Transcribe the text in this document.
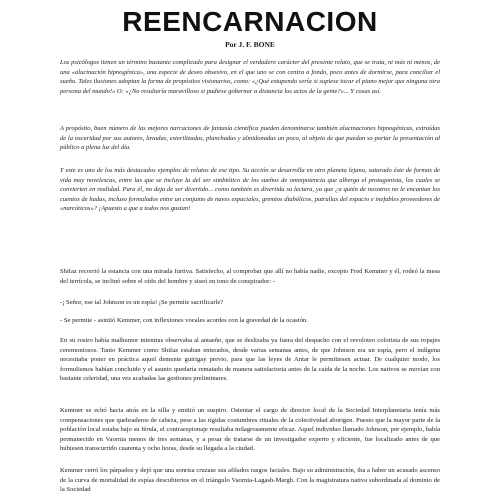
REENCARNACION
Por J. F. BONE

Los psicólogos tienen un término bastante complicado para designar el verdadero carácter del presente relato, que se trata, ni más ni menos, de una «alucinación hipnogénica», una especie de deseo obsesivo, en el que uno se con centra a fondo, poco antes de dormirse, para conciliar el sueño. Tales ilusiones adoptan la forma de propósitos visionarios, como: «¿Qué estupendo sería si supiese tocar el piano mejor que ninguna otra persona del mundo!» O: «¿No resultaría maravilloso si pudiese gobernar a distancia los actos de la gente?»... Y cosas así.

A propósito, buen número de las mejores narraciones de fantasía científica pueden denominarse también alucinaciones hipnogénicas, extraídas de la oscuridad por sus autores, lavadas, esterilizadas, planchadas y almidonadas un poco, al objeto de que puedan so portar la presentación al público a plena luz del día.

Y este es uno de los más destacados ejemplos de relatos de ese tipo. Su acción se desarrolla en otro planeta lejano, saturado éste de formas de vida muy novelescas, entre las que se incluye la del ser simbiótico de los sueños de omnipotencia que alberga el protagonista, los cuales se convierten en realidad. Para él, no deja de ser divertido... como también es divertida su lectura, ya que ¿a quién de nosotros no le encantan los cuentos de hadas, incluso formulados entre un conjunto de naves espaciales, gremios diabólicos, patrullas del espacio e inefables proveedores de «narcóticos»? ¡Apuesto a que a todos nos gustan!

Shifaz recorrió la estancia con una mirada furtiva. Satisfecho, al comprobar que allí no había nadie, excepto Fred Kemmer y él, rodeó la mesa del terrícola, se inclinó sobre el oído del hombre y siseó en tono de conspirador: -

-¡ Señor, ese tal Johnson es un espía! ¡Se permite sacrificarle?

- Se permite - asintió Kemmer, con inflexiones vocales acordes con la gravedad de la ocasión.

En su rostro había malhumor mientras observaba al antaeño, que se deslizaba ya fuera del despacho con el revoloteo colorista de sus ropajes ceremoniosos. Tanto Kemmer como Shifaz estaban enterados, desde varias semanas antes, de que Johnson era un espía, pero el indígena necesitaba poner en práctica aquel demente guirigay previo, para que las leyes de Antar le permitiesen actuar. De cualquier modo, los formulismos habían concluido y el asunto quedaría rematado de manera satisfactoria antes de la caída de la noche. Los nativos se movían con bastante celeridad, una vez acabadas las gestiones preliminares.

Kemmer se echó hacia atrás en la silla y emitió un suspiro. Ostentar el cargo de director local de la Sociedad Interplanetaria tenía más compensaciones que quebraderos de cabeza, pese a las rígidas costumbres rituales de la colectividad aborigen. Puesto que la mayor parte de la población local estaba bajo su férula, el contraespionaje resultaba milagrosamente eficaz. Aquel individuo llamado Johnson, por ejemplo, había permanecido en Vaornia menos de tres semanas, y a pesar de tratarse de un investigador experto y eficiente, fue localizado antes de que hubiesen transcurrido cuarenta y ocho horas, desde su llegada a la ciudad.

Kemmer cerró los párpados y dejó que una sonrisa cruzase sus afilados rasgos faciales. Bajo su administración, iba a haber un acusado ascenso de la curva de mortalidad de espías descubiertos en el triángulo Vaornia-Lagash-Margh. Con la magistratura nativa subordinada al dominio de la Sociedad
